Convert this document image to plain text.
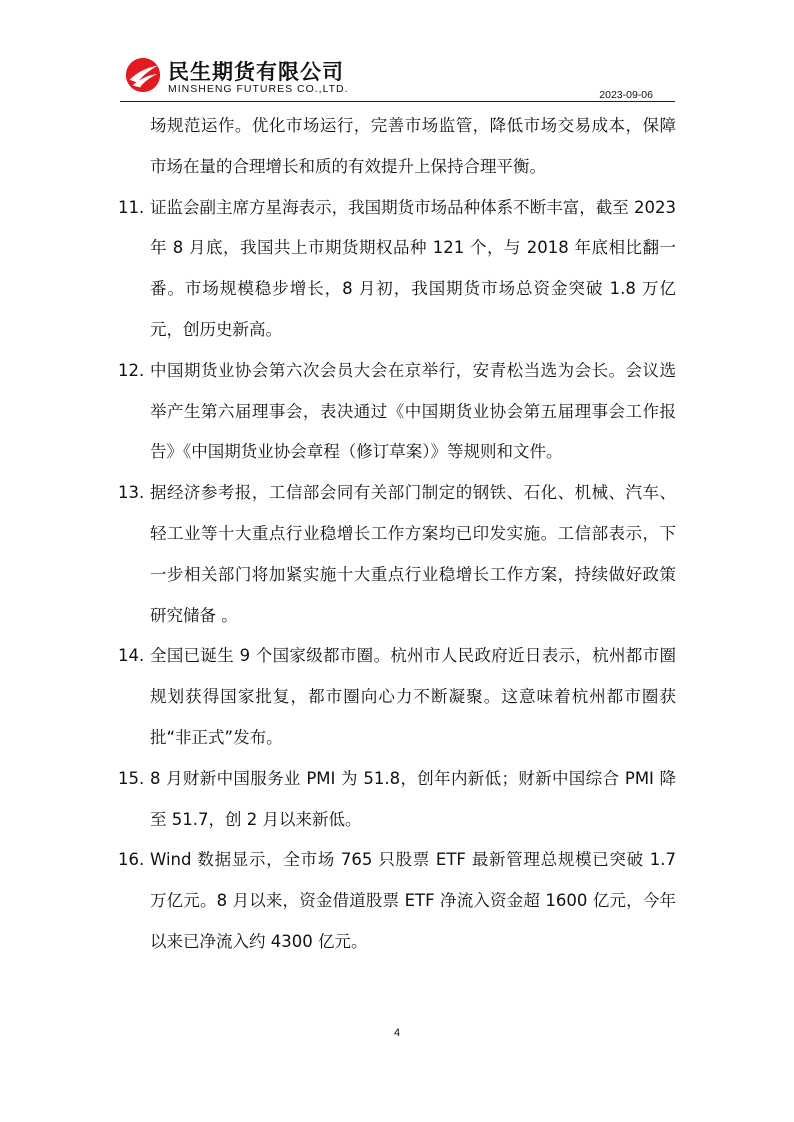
民生期货有限公司
MINSHENG FUTURES CO.,LTD.	2023-09-06

场规范运作。优化市场运行，完善市场监管，降低市场交易成本，保障市场在量的合理增长和质的有效提升上保持合理平衡。

11. 证监会副主席方星海表示，我国期货市场品种体系不断丰富，截至 2023 年 8 月底，我国共上市期货期权品种 121 个，与 2018 年底相比翻一番。市场规模稳步增长，8 月初，我国期货市场总资金突破 1.8 万亿元，创历史新高。

12. 中国期货业协会第六次会员大会在京举行，安青松当选为会长。会议选举产生第六届理事会，表决通过《中国期货业协会第五届理事会工作报告》《中国期货业协会章程（修订草案）》等规则和文件。

13. 据经济参考报，工信部会同有关部门制定的钢铁、石化、机械、汽车、轻工业等十大重点行业稳增长工作方案均已印发实施。工信部表示，下一步相关部门将加紧实施十大重点行业稳增长工作方案，持续做好政策研究储备 。

14. 全国已诞生 9 个国家级都市圈。杭州市人民政府近日表示，杭州都市圈规划获得国家批复，都市圈向心力不断凝聚。这意味着杭州都市圈获批“非正式”发布。

15. 8 月财新中国服务业 PMI 为 51.8，创年内新低；财新中国综合 PMI 降至 51.7，创 2 月以来新低。

16. Wind 数据显示，全市场 765 只股票 ETF 最新管理总规模已突破 1.7 万亿元。8 月以来，资金借道股票 ETF 净流入资金超 1600 亿元，今年以来已净流入约 4300 亿元。

4
